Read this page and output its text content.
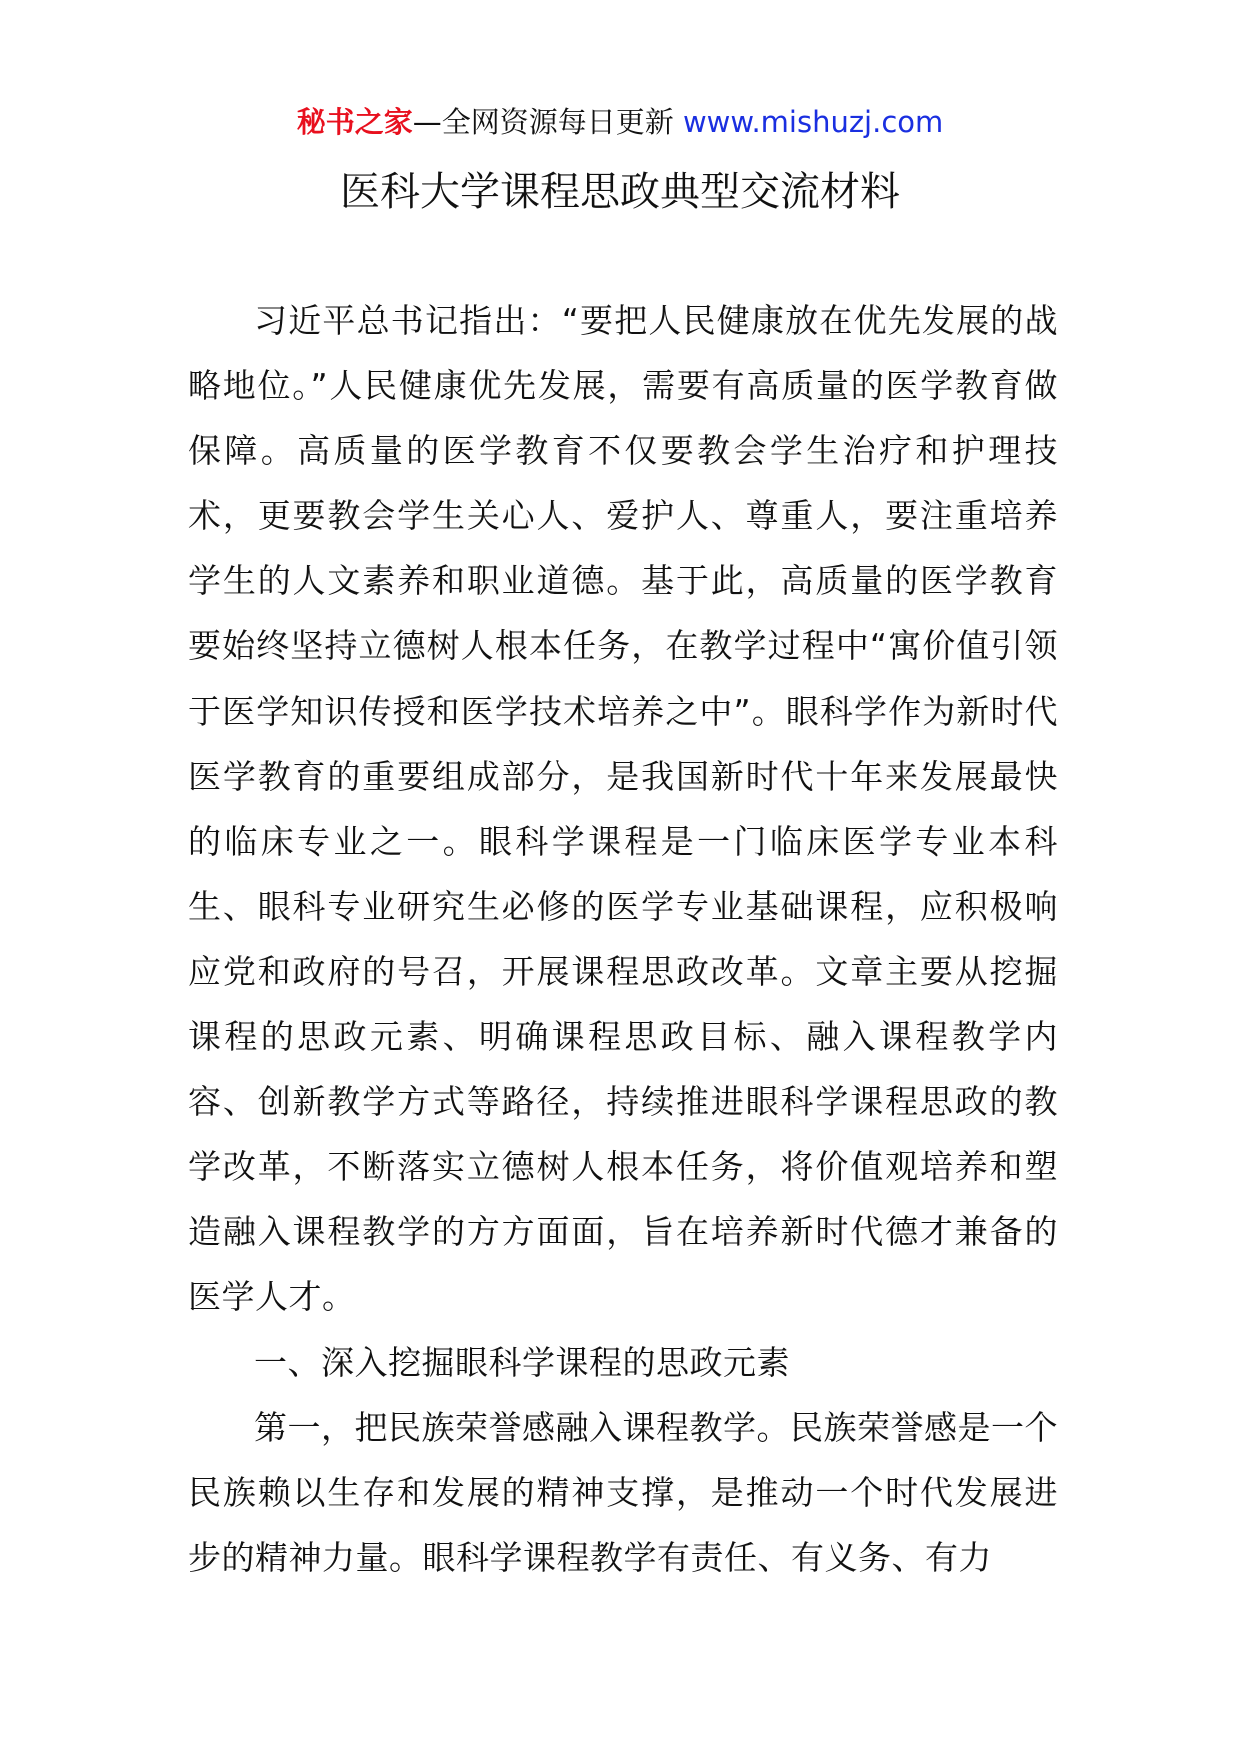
秘书之家—全网资源每日更新 www.mishuzj.com
医科大学课程思政典型交流材料

习近平总书记指出：“要把人民健康放在优先发展的战略地位。”人民健康优先发展，需要有高质量的医学教育做保障。高质量的医学教育不仅要教会学生治疗和护理技术，更要教会学生关心人、爱护人、尊重人，要注重培养学生的人文素养和职业道德。基于此，高质量的医学教育要始终坚持立德树人根本任务，在教学过程中“寓价值引领于医学知识传授和医学技术培养之中”。眼科学作为新时代医学教育的重要组成部分，是我国新时代十年来发展最快的临床专业之一。眼科学课程是一门临床医学专业本科生、眼科专业研究生必修的医学专业基础课程，应积极响应党和政府的号召，开展课程思政改革。文章主要从挖掘课程的思政元素、明确课程思政目标、融入课程教学内容、创新教学方式等路径，持续推进眼科学课程思政的教学改革，不断落实立德树人根本任务，将价值观培养和塑造融入课程教学的方方面面，旨在培养新时代德才兼备的医学人才。

一、深入挖掘眼科学课程的思政元素

第一，把民族荣誉感融入课程教学。民族荣誉感是一个民族赖以生存和发展的精神支撑，是推动一个时代发展进步的精神力量。眼科学课程教学有责任、有义务、有力
